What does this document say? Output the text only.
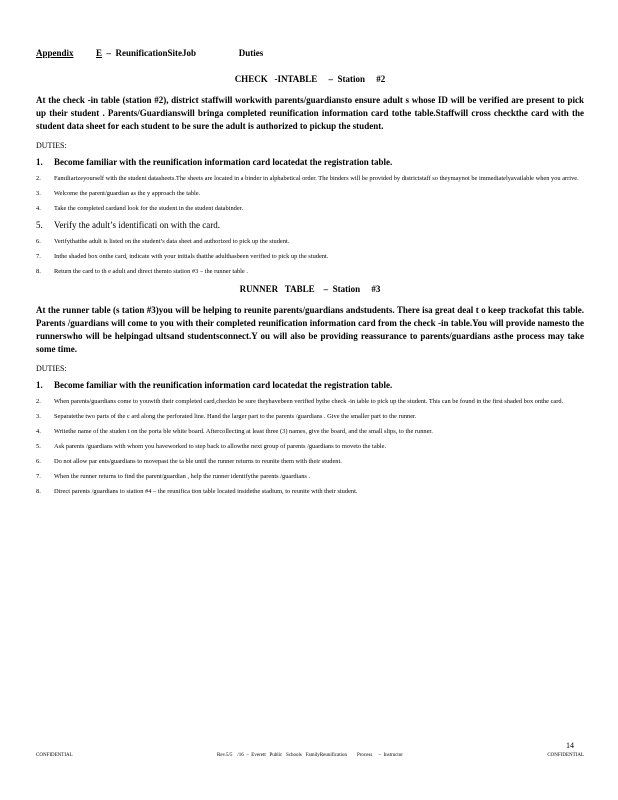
Appendix	E –  ReunificationSiteJob                   Duties
CHECK   -INTABLE     –  Station     #2

At the check -in table (station #2), district staffwill workwith parents/guardiansto ensure adult s whose ID will be verified are present to pick up their student . Parents/Guardianswill bringa completed reunification information card tothe table.Staffwill cross checkthe card with the student data sheet for each student to be sure the adult is authorized to pickup the student.

DUTIES:
1. Become familiar with the reunification information card locatedat the registration table.
2. Familiarizeyourself with the student datasheets.The sheets are located in a binder in alphabetical order. The binders will be provided by districtstaff so theymaynot be immediatelyavailable when you arrive.
3. Welcome the parent/guardian as the y approach the table.
4. Take the completed cardand look for the student in the student databinder.
5. Verify the adult’s identificati on with the card.
6. Verifythatthe adult is listed on the student’s data sheet and authorized to pick up the student.
7. Inthe shaded box onthe card, indicate with your initials thatthe adulthasbeen verified to pick up the student.
8. Return the card to th e adult and direct themto station #3 – the runner table .
RUNNER   TABLE    –  Station     #3

At the runner table (s tation #3)you will be helping to reunite parents/guardians andstudents. There isa great deal t o keep trackofat this table. Parents /guardians will come to you with their completed reunification information card from the check -in table.You will provide namesto the runnerswho will be helpingad ultsand studentsconnect.Y ou will also be providing reassurance to parents/guardians asthe process may take some time.

DUTIES:
1. Become familiar with the reunification information card locatedat the registration table.
2. When parents/guardians come to youwith their completed card,checkto be sure theyhavebeen verified bythe check -in table to pick up the student. This can be found in the first shaded box onthe card.
3. Separatethe two parts of the c ard along the perforated line. Hand the larger part to the parents /guardians . Give the smaller part to the runner.
4. Writethe name of the studen t on the porta ble white board. Aftercollecting at least three (3) names, give the board, and the small slips, to the runner.
5. Ask parents /guardians with whom you haveworked to step back to allowthe next group of parents /guardians to moveto the table.
6. Do not allow par ents/guardians to movepast the ta ble until the runner returns to reunite them with their student.
7. When the runner returns to find the parent/guardian , help the runner identifythe parents /guardians .
8. Direct parents /guardians to station #4 – the reunifica tion table located insidethe stadium, to reunite with their student.
14
CONFIDENTIAL	Rev.5/5    /16  –  Everett   Public   Schools   FamilyReunification        Process     –  Instructor	CONFIDENTIAL
